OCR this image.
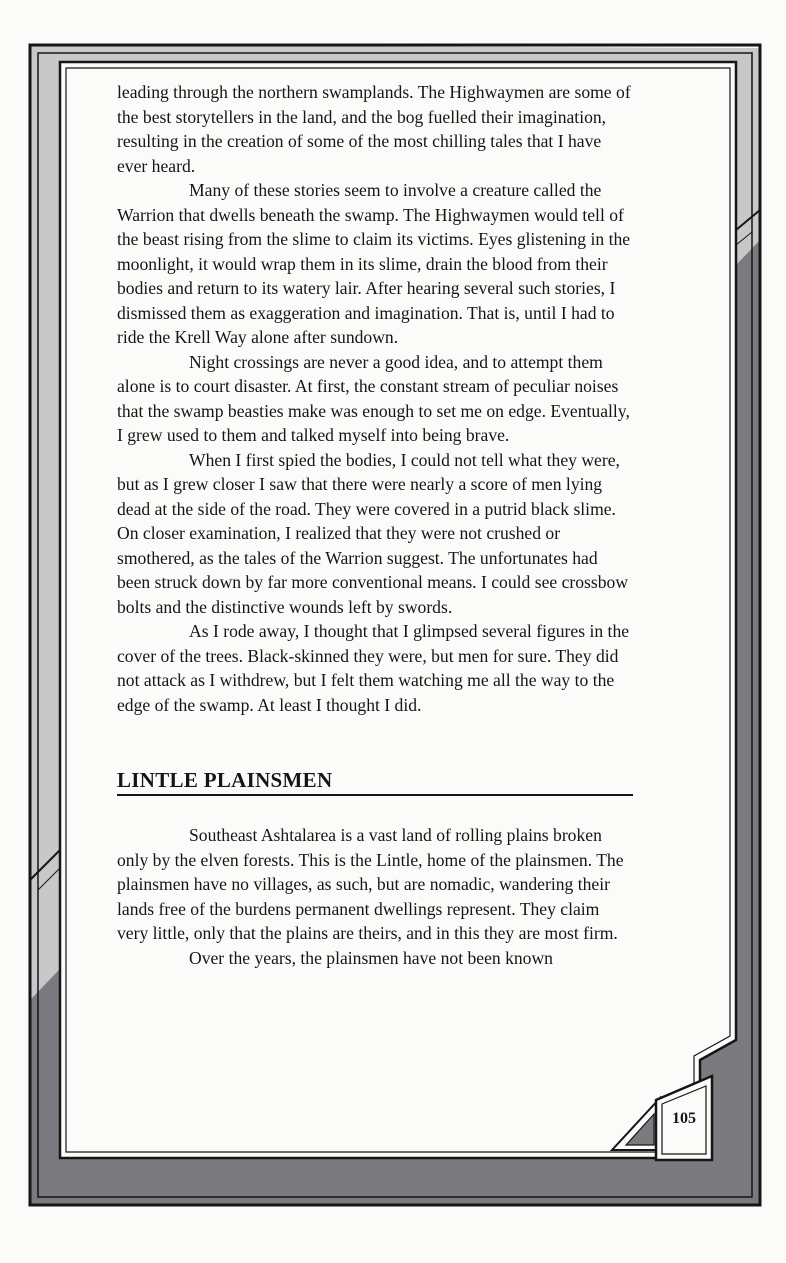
leading through the northern swamplands. The Highwaymen are some of the best storytellers in the land, and the bog fuelled their imagination, resulting in the creation of some of the most chilling tales that I have ever heard.

Many of these stories seem to involve a creature called the Warrion that dwells beneath the swamp. The Highwaymen would tell of the beast rising from the slime to claim its victims. Eyes glistening in the moonlight, it would wrap them in its slime, drain the blood from their bodies and return to its watery lair. After hearing several such stories, I dismissed them as exaggeration and imagination. That is, until I had to ride the Krell Way alone after sundown.

Night crossings are never a good idea, and to attempt them alone is to court disaster. At first, the constant stream of peculiar noises that the swamp beasties make was enough to set me on edge. Eventually, I grew used to them and talked myself into being brave.

When I first spied the bodies, I could not tell what they were, but as I grew closer I saw that there were nearly a score of men lying dead at the side of the road. They were covered in a putrid black slime. On closer examination, I realized that they were not crushed or smothered, as the tales of the Warrion suggest. The unfortunates had been struck down by far more conventional means. I could see crossbow bolts and the distinctive wounds left by swords.

As I rode away, I thought that I glimpsed several figures in the cover of the trees. Black-skinned they were, but men for sure. They did not attack as I withdrew, but I felt them watching me all the way to the edge of the swamp. At least I thought I did.

LINTLE PLAINSMEN

Southeast Ashtalarea is a vast land of rolling plains broken only by the elven forests. This is the Lintle, home of the plainsmen. The plainsmen have no villages, as such, but are nomadic, wandering their lands free of the burdens permanent dwellings represent. They claim very little, only that the plains are theirs, and in this they are most firm.

Over the years, the plainsmen have not been known

105
